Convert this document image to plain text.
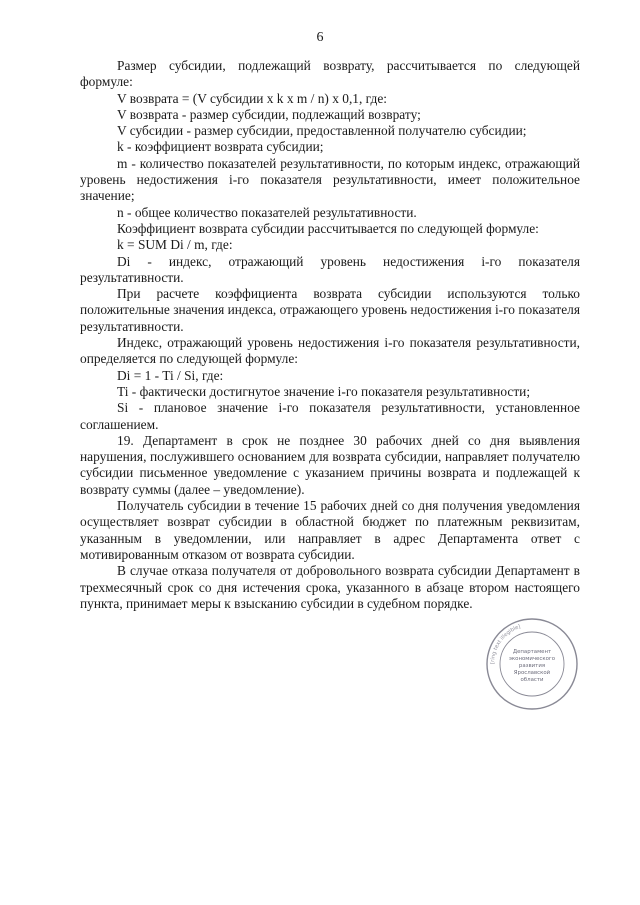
6

Размер субсидии, подлежащий возврату, рассчитывается по следующей формуле:

V возврата = (V субсидии x k x m / n) x 0,1, где:

V возврата - размер субсидии, подлежащий возврату;

V субсидии - размер субсидии, предоставленной получателю субсидии;

k - коэффициент возврата субсидии;

m - количество показателей результативности, по которым индекс, отражающий уровень недостижения i-го показателя результативности, имеет положительное значение;

n - общее количество показателей результативности.

Коэффициент возврата субсидии рассчитывается по следующей формуле:

k = SUM Di / m, где:

Di - индекс, отражающий уровень недостижения i-го показателя результативности.

При расчете коэффициента возврата субсидии используются только положительные значения индекса, отражающего уровень недостижения i-го показателя результативности.

Индекс, отражающий уровень недостижения i-го показателя результативности, определяется по следующей формуле:

Di = 1 - Ti / Si, где:

Ti - фактически достигнутое значение i-го показателя результативности;

Si - плановое значение i-го показателя результативности, установленное соглашением.

19. Департамент в срок не позднее 30 рабочих дней со дня выявления нарушения, послужившего основанием для возврата субсидии, направляет получателю субсидии письменное уведомление с указанием причины возврата и подлежащей к возврату суммы (далее – уведомление).

Получатель субсидии в течение 15 рабочих дней со дня получения уведомления осуществляет возврат субсидии в областной бюджет по платежным реквизитам, указанным в уведомлении, или направляет в адрес Департамента ответ с мотивированным отказом от возврата субсидии.

В случае отказа получателя от добровольного возврата субсидии Департамент в трехмесячный срок со дня истечения срока, указанного в абзаце втором настоящего пункта, принимает меры к взысканию субсидии в судебном порядке.

[ring text illegible]
Департамент
экономического
развития
Ярославской
области
